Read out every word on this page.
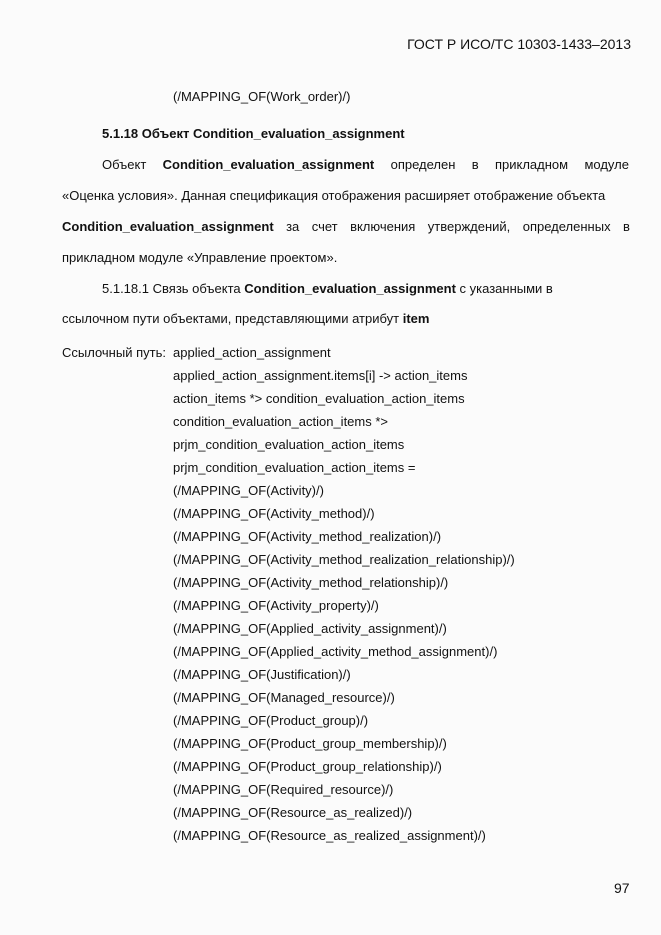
ГОСТ Р ИСО/ТС 10303-1433–2013
(/MAPPING_OF(Work_order)/)
5.1.18 Объект Condition_evaluation_assignment
Объект Condition_evaluation_assignment определен в прикладном модуле
«Оценка условия». Данная спецификация отображения расширяет отображение объекта
Condition_evaluation_assignment за счет включения утверждений, определенных в
прикладном модуле «Управление проектом».
5.1.18.1 Связь объекта Condition_evaluation_assignment с указанными в
ссылочном пути объектами, представляющими атрибут item
Ссылочный путь: applied_action_assignment
applied_action_assignment.items[i] -> action_items
action_items *> condition_evaluation_action_items
condition_evaluation_action_items *>
prjm_condition_evaluation_action_items
prjm_condition_evaluation_action_items =
(/MAPPING_OF(Activity)/)
(/MAPPING_OF(Activity_method)/)
(/MAPPING_OF(Activity_method_realization)/)
(/MAPPING_OF(Activity_method_realization_relationship)/)
(/MAPPING_OF(Activity_method_relationship)/)
(/MAPPING_OF(Activity_property)/)
(/MAPPING_OF(Applied_activity_assignment)/)
(/MAPPING_OF(Applied_activity_method_assignment)/)
(/MAPPING_OF(Justification)/)
(/MAPPING_OF(Managed_resource)/)
(/MAPPING_OF(Product_group)/)
(/MAPPING_OF(Product_group_membership)/)
(/MAPPING_OF(Product_group_relationship)/)
(/MAPPING_OF(Required_resource)/)
(/MAPPING_OF(Resource_as_realized)/)
(/MAPPING_OF(Resource_as_realized_assignment)/)
97
